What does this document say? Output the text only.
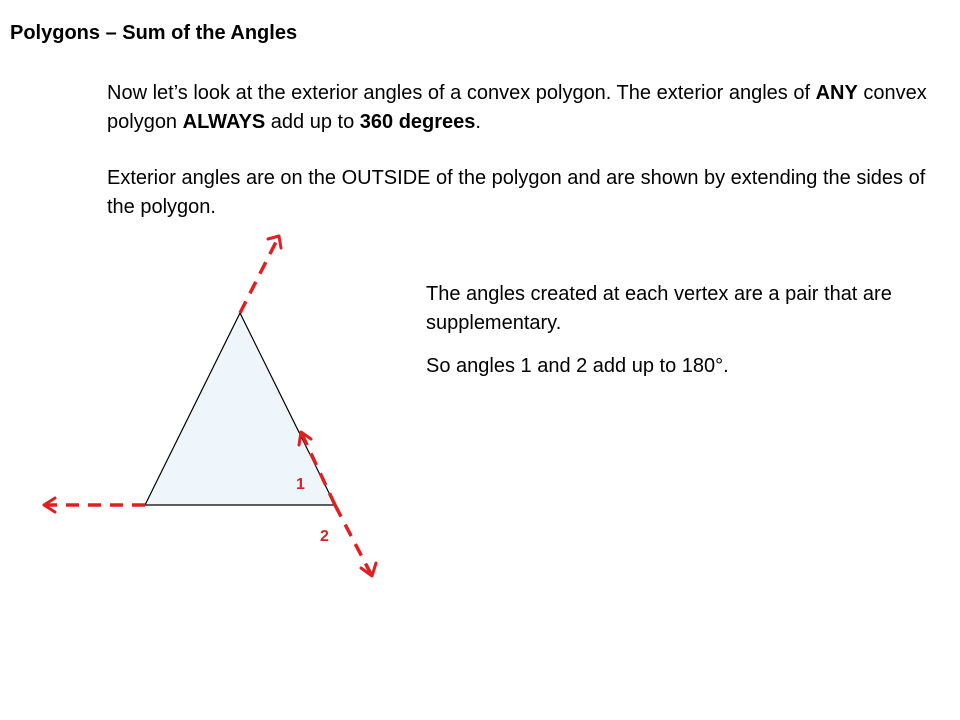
Polygons – Sum of the Angles
Now let’s look at the exterior angles of a convex polygon. The exterior angles of ANY convex polygon ALWAYS add up to 360 degrees.
Exterior angles are on the OUTSIDE of the polygon and are shown by extending the sides of the polygon.
The angles created at each vertex are a pair that are supplementary.
So angles 1 and 2 add up to 180°.
1
2
